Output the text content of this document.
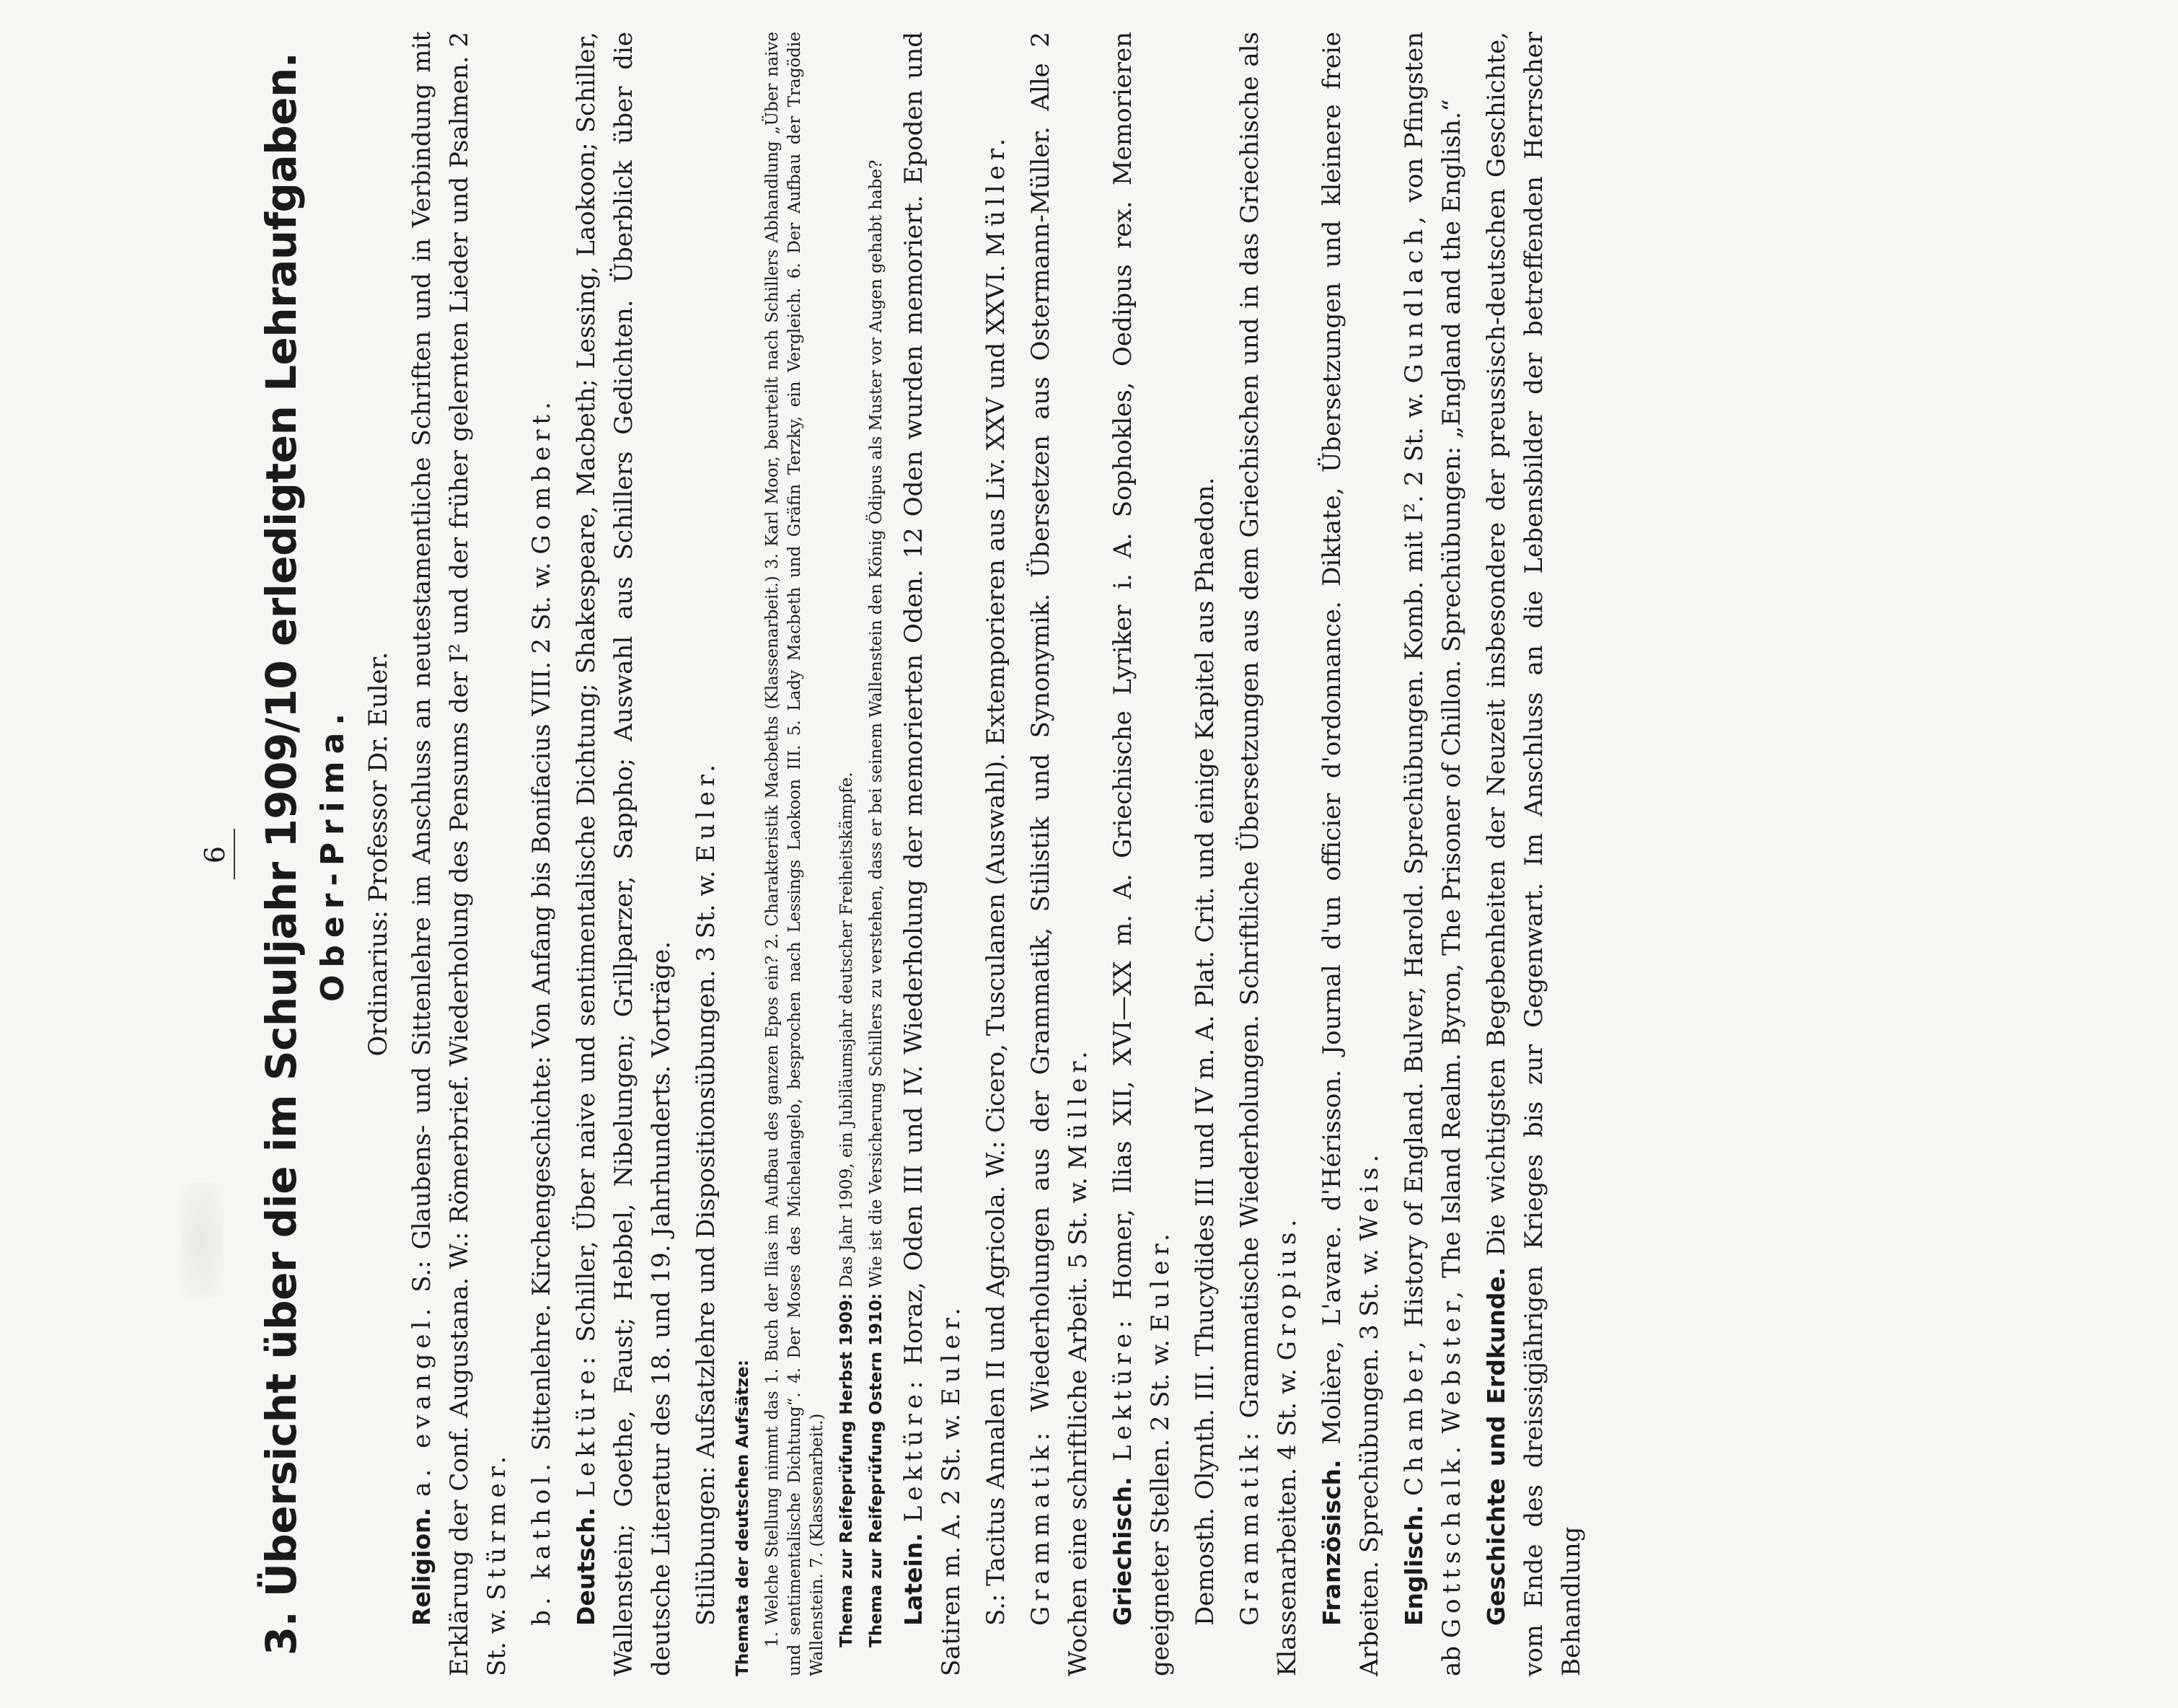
6 3. Übersicht über die im Schuljahr 1909/10 erledigten Lehraufgaben. Ober-Prima. Ordinarius: Professor Dr. Euler.

Religion. a. evangel. S.: Glaubens- und Sittenlehre im Anschluss an neutestamentliche Schriften und in Verbindung mit Erklärung der Conf. Augustana. W.: Römerbrief. Wiederholung des Pensums der I² und der früher gelernten Lieder und Psalmen. 2 St. w. Stürmer. b. kathol. Sittenlehre. Kirchengeschichte: Von Anfang bis Bonifacius VIII. 2 St. w. Gombert.

Deutsch. Lektüre: Schiller, Über naive und sentimentalische Dichtung; Shakespeare, Macbeth; Lessing, Laokoon; Schiller, Wallenstein; Goethe, Faust; Hebbel, Nibelungen; Grillparzer, Sappho; Auswahl aus Schillers Gedichten. Überblick über die deutsche Literatur des 18. und 19. Jahrhunderts. Vorträge. Stilübungen: Aufsatzlehre und Dispositionsübungen. 3 St. w. Euler.

Themata der deutschen Aufsätze: 1. Welche Stellung nimmt das 1. Buch der Ilias im Aufbau des ganzen Epos ein? 2. Charakteristik Macbeths (Klassenarbeit.) 3. Karl Moor, beurteilt nach Schillers Abhandlung „Über naive und sentimentalische Dichtung“. 4. Der Moses des Michelangelo, besprochen nach Lessings Laokoon III. 5. Lady Macbeth und Gräfin Terzky, ein Vergleich. 6. Der Aufbau der Tragödie Wallenstein. 7. (Klassenarbeit.) Thema zur Reifeprüfung Herbst 1909: Das Jahr 1909, ein Jubiläumsjahr deutscher Freiheitskämpfe.

Thema zur Reifeprüfung Ostern 1910: Wie ist die Versicherung Schillers zu verstehen, dass er bei seinem Wallenstein den König Ödipus als Muster vor Augen gehabt habe?

Latein. Lektüre: Horaz, Oden III und IV. Wiederholung der memorierten Oden. 12 Oden wurden memoriert. Epoden und Satiren m. A. 2 St. w. Euler. S.: Tacitus Annalen II und Agricola. W.: Cicero, Tusculanen (Auswahl). Extemporieren aus Liv. XXV und XXVI. Müller.

Grammatik: Wiederholungen aus der Grammatik, Stilistik und Synonymik. Übersetzen aus Ostermann-Müller. Alle 2 Wochen eine schriftliche Arbeit. 5 St. w. Müller.

Griechisch. Lektüre: Homer, Ilias XII, XVI—XX m. A. Griechische Lyriker i. A. Sophokles, Oedipus rex. Memorieren geeigneter Stellen. 2 St. w. Euler. Demosth. Olynth. III. Thucydides III und IV m. A. Plat. Crit. und einige Kapitel aus Phaedon. Grammatik: Grammatische Wiederholungen. Schriftliche Übersetzungen aus dem Griechischen und in das Griechische als Klassenarbeiten. 4 St. w. Gropius.

Französisch. Molière, L'avare. d'Hérisson. Journal d'un officier d'ordonnance. Diktate, Übersetzungen und kleinere freie Arbeiten. Sprechübungen. 3 St. w. Weis.

Englisch. Chamber, History of England. Bulver, Harold. Sprechübungen. Komb. mit I². 2 St. w. Gundlach, von Pfingsten ab Gottschalk. Webster, The Island Realm. Byron, The Prisoner of Chillon. Sprechübungen: „England and the English.“

Geschichte und Erdkunde. Die wichtigsten Begebenheiten der Neuzeit insbesondere der preussisch-deutschen Geschichte, vom Ende des dreissigjährigen Krieges bis zur Gegenwart. Im Anschluss an die Lebensbilder der betreffenden Herrscher Behandlung
